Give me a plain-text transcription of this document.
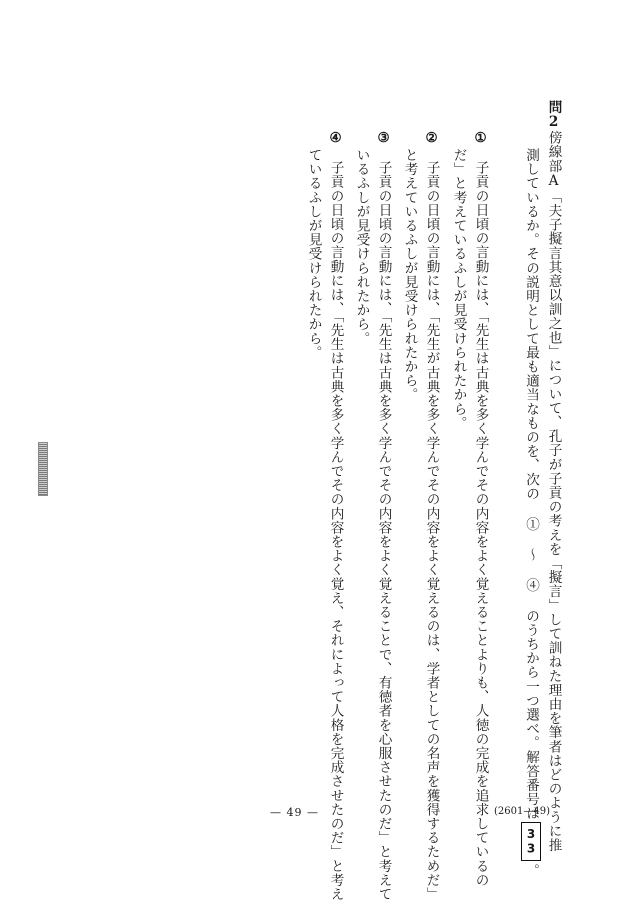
問2傍線部A「夫子擬言其意以訓之也」について、孔子が子貢の考えを「擬言」して訓ねた理由を筆者はどのように推
測しているか。その説明として最も適当なものを、次の ① ～ ④ のうちから一つ選べ。解答番号は33。
①　子貢の日頃の言動には、「先生は古典を多く学んでその内容をよく覚えることよりも、人徳の完成を追求しているの
だ」と考えているふしが見受けられたから。
②　子貢の日頃の言動には、「先生が古典を多く学んでその内容をよく覚えるのは、学者としての名声を獲得するためだ」
と考えているふしが見受けられたから。
③　子貢の日頃の言動には、「先生は古典を多く学んでその内容をよく覚えることで、有徳者を心服させたのだ」と考えて
いるふしが見受けられたから。
④　子貢の日頃の言動には、「先生は古典を多く学んでその内容をよく覚え、それによって人格を完成させたのだ」と考え
ているふしが見受けられたから。
— 49 —	(2601—49)
